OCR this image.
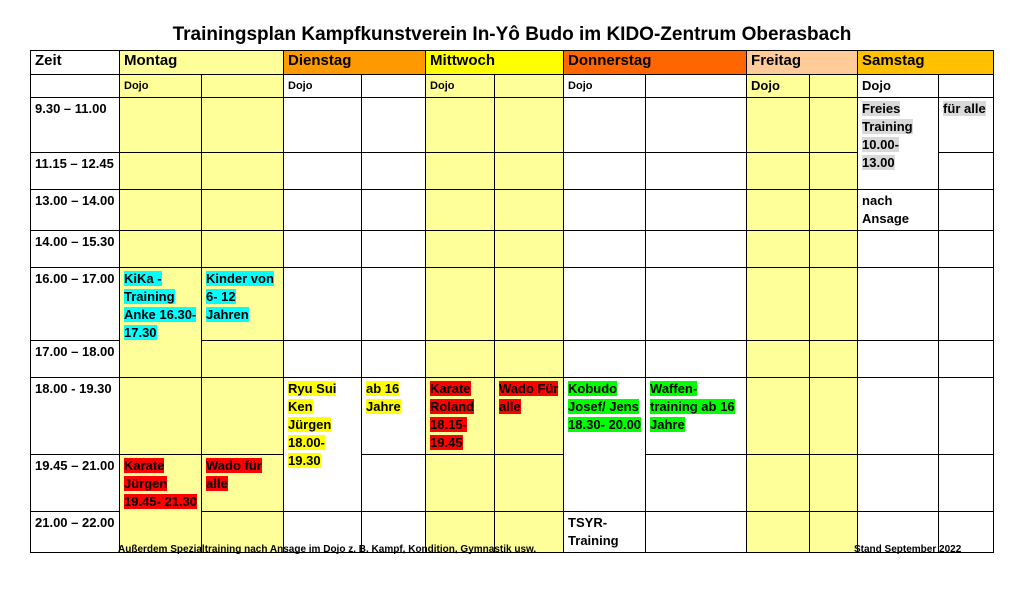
Trainingsplan Kampfkunstverein In-Yô Budo im KIDO-Zentrum Oberasbach
Zeit	Montag		Dienstag		Mittwoch		Donnerstag		Freitag		Samstag	
	Dojo		Dojo		Dojo		Dojo		Dojo		Dojo	
9.30 – 11.00											Freies Training 10.00- 13.00	für alle
11.15 – 12.45												
13.00 – 14.00											nach Ansage	
14.00 – 15.30												
16.00 – 17.00	KiKa - Training Anke 16.30- 17.30	Kinder von 6- 12 Jahren										
17.00 – 18.00												
18.00 - 19.30			Ryu Sui Ken Jürgen 18.00- 19.30	ab 16 Jahre	Karate Roland 18.15- 19.45	Wado Für alle	Kobudo Josef/ Jens 18.30- 20.00	Waffen- training ab 16 Jahre				
19.45 – 21.00	Karate Jürgen 19.45- 21.30	Wado für alle										
21.00 – 22.00							TSYR- Training					
Außerdem Spezialtraining nach Ansage im Dojo z. B. Kampf, Kondition, Gymnastik usw.	Stand September 2022
